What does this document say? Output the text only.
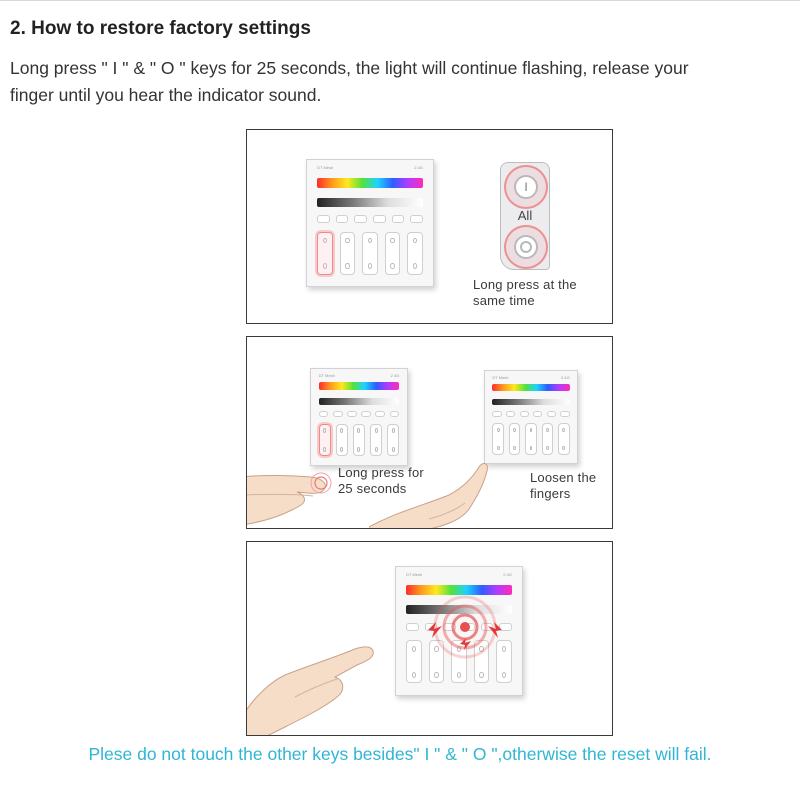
2. How to restore factory settings

Long press " I " & " O " keys for 25 seconds, the light will continue flashing, release your
finger until you hear the indicator sound.

DT Mesh	2.4G
Long press at the
same time
I
All
DT Mesh	2.4G	DT Mesh	2.4G
Long press for
25 seconds
Loosen the
fingers
DT Mesh	2.4G

Plese do not touch the other keys besides" I " & " O ",otherwise the reset will fail.
